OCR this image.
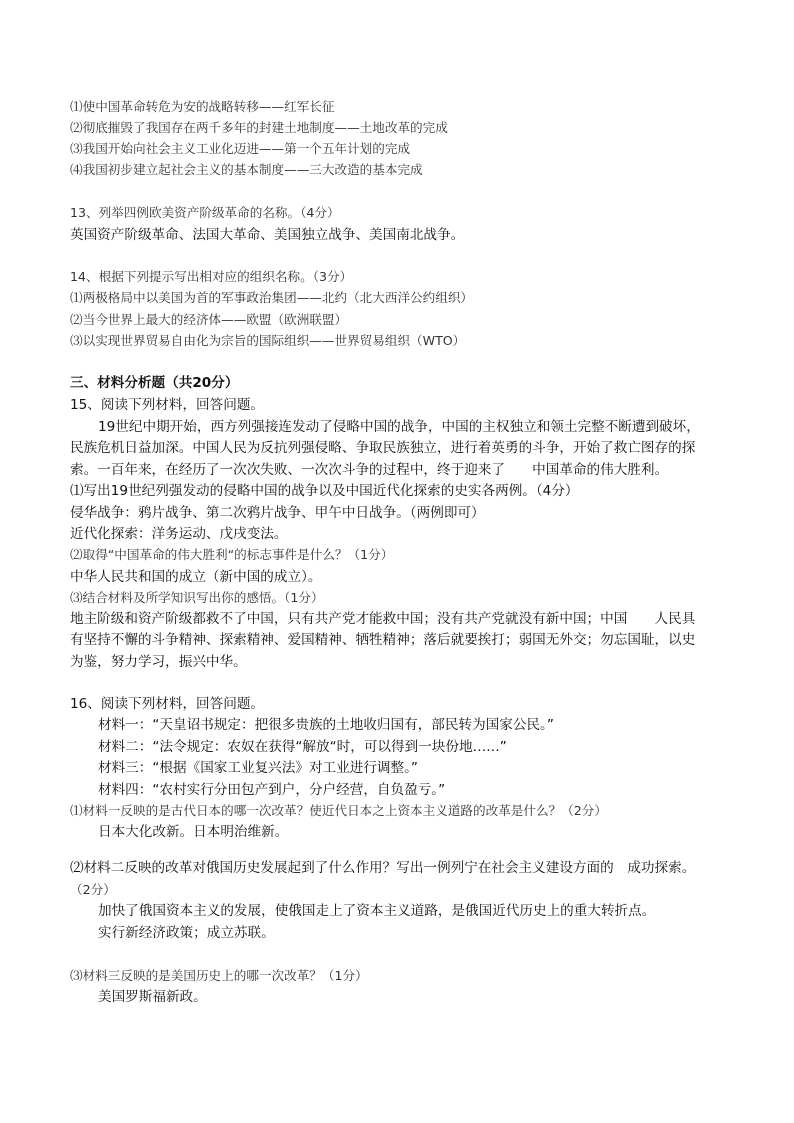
⑴使中国革命转危为安的战略转移——红军长征
⑵彻底摧毁了我国存在两千多年的封建土地制度——土地改革的完成
⑶我国开始向社会主义工业化迈进——第一个五年计划的完成
⑷我国初步建立起社会主义的基本制度——三大改造的基本完成
13、列举四例欧美资产阶级革命的名称。（4分）
英国资产阶级革命、法国大革命、美国独立战争、美国南北战争。
14、根据下列提示写出相对应的组织名称。（3分）
⑴两极格局中以美国为首的军事政治集团——北约（北大西洋公约组织）
⑵当今世界上最大的经济体——欧盟（欧洲联盟）
⑶以实现世界贸易自由化为宗旨的国际组织——世界贸易组织（WTO）
三、材料分析题（共20分）
15、阅读下列材料，回答问题。
19世纪中期开始，西方列强接连发动了侵略中国的战争，中国的主权独立和领土完整不断遭到破坏，
民族危机日益加深。中国人民为反抗列强侵略、争取民族独立，进行着英勇的斗争，开始了救亡图存的探
索。一百年来，在经历了一次次失败、一次次斗争的过程中，终于迎来了　　中国革命的伟大胜利。
⑴写出19世纪列强发动的侵略中国的战争以及中国近代化探索的史实各两例。（4分）
侵华战争：鸦片战争、第二次鸦片战争、甲午中日战争。（两例即可）
近代化探索：洋务运动、戊戌变法。
⑵取得“中国革命的伟大胜利“的标志事件是什么？（1分）
中华人民共和国的成立（新中国的成立）。
⑶结合材料及所学知识写出你的感悟。（1分）
地主阶级和资产阶级都救不了中国，只有共产党才能救中国；没有共产党就没有新中国；中国　　人民具
有坚持不懈的斗争精神、探索精神、爱国精神、牺牲精神；落后就要挨打；弱国无外交；勿忘国耻，以史
为鉴，努力学习，振兴中华。
16、阅读下列材料，回答问题。
材料一：“天皇诏书规定：把很多贵族的土地收归国有，部民转为国家公民。”
材料二：“法令规定：农奴在获得“解放“时，可以得到一块份地……”
材料三：“根据《国家工业复兴法》对工业进行调整。”
材料四：“农村实行分田包产到户，分户经营，自负盈亏。”
⑴材料一反映的是古代日本的哪一次改革？使近代日本之上资本主义道路的改革是什么？（2分）
日本大化改新。日本明治维新。
⑵材料二反映的改革对俄国历史发展起到了什么作用？写出一例列宁在社会主义建设方面的　成功探索。
（2分）
加快了俄国资本主义的发展，使俄国走上了资本主义道路，是俄国近代历史上的重大转折点。
实行新经济政策；成立苏联。
⑶材料三反映的是美国历史上的哪一次改革？（1分）
美国罗斯福新政。
